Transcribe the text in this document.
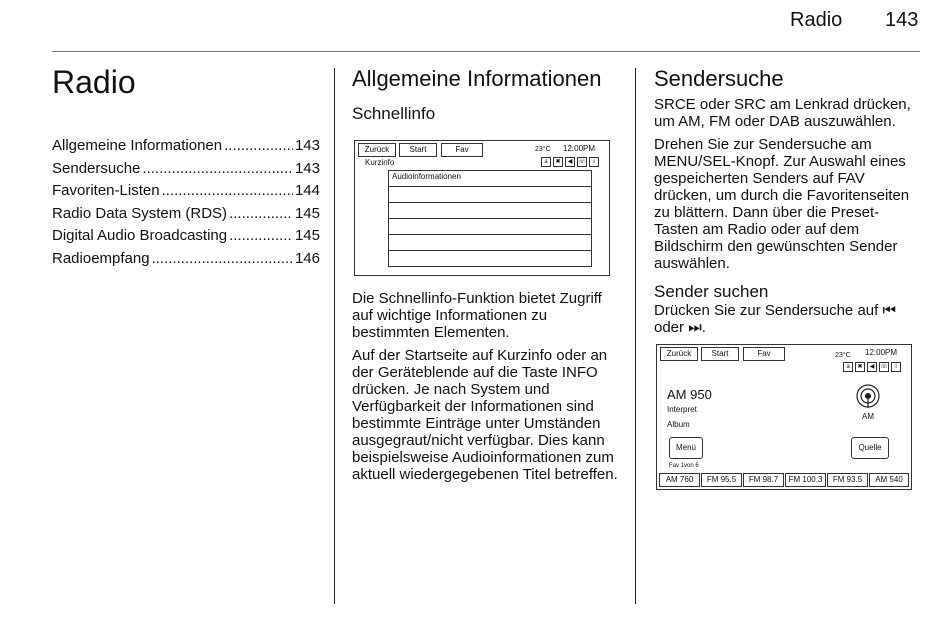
Radio 143
Radio
Allgemeine Informationen .....	143
Sendersuche .....	143
Favoriten-Listen .....	144
Radio Data System (RDS) .....	145
Digital Audio Broadcasting .....	145
Radioempfang .....	146
Allgemeine Informationen
Schnellinfo
Zurück	Start	Fav	23°C 12:00PM
Kurzinfo	a	✖	◀ ☏	i
Audioinformationen

Die Schnellinfo-Funktion bietet Zugriff auf wichtige Informationen zu bestimmten Elementen.

Auf der Startseite auf Kurzinfo oder an der Geräteblende auf die Taste INFO drücken. Je nach System und Verfügbarkeit der Informationen sind bestimmte Einträge unter Umständen ausgegraut/nicht verfügbar. Dies kann beispielsweise Audioinformationen zum aktuell wiedergegebenen Titel betreffen.

Sendersuche

SRCE oder SRC am Lenkrad drücken, um AM, FM oder DAB auszuwählen.

Drehen Sie zur Sendersuche am MENU/SEL-Knopf. Zur Auswahl eines gespeicherten Senders auf FAV drücken, um durch die Favoritenseiten zu blättern. Dann über die Preset-Tasten am Radio oder auf dem Bildschirm den gewünschten Sender auswählen.

Sender suchen

Drücken Sie zur Sendersuche auf ⏮ oder ⏭.

Zurück	Start	Fav	23°C 12:00PM
a	✖	◀ ☏	i
AM 950
Interpret
Album
AM
Menü	Quelle
Fav 1von 6
AM 760	FM 95.5	FM 98.7	FM 100.3	FM 93.5	AM 540
